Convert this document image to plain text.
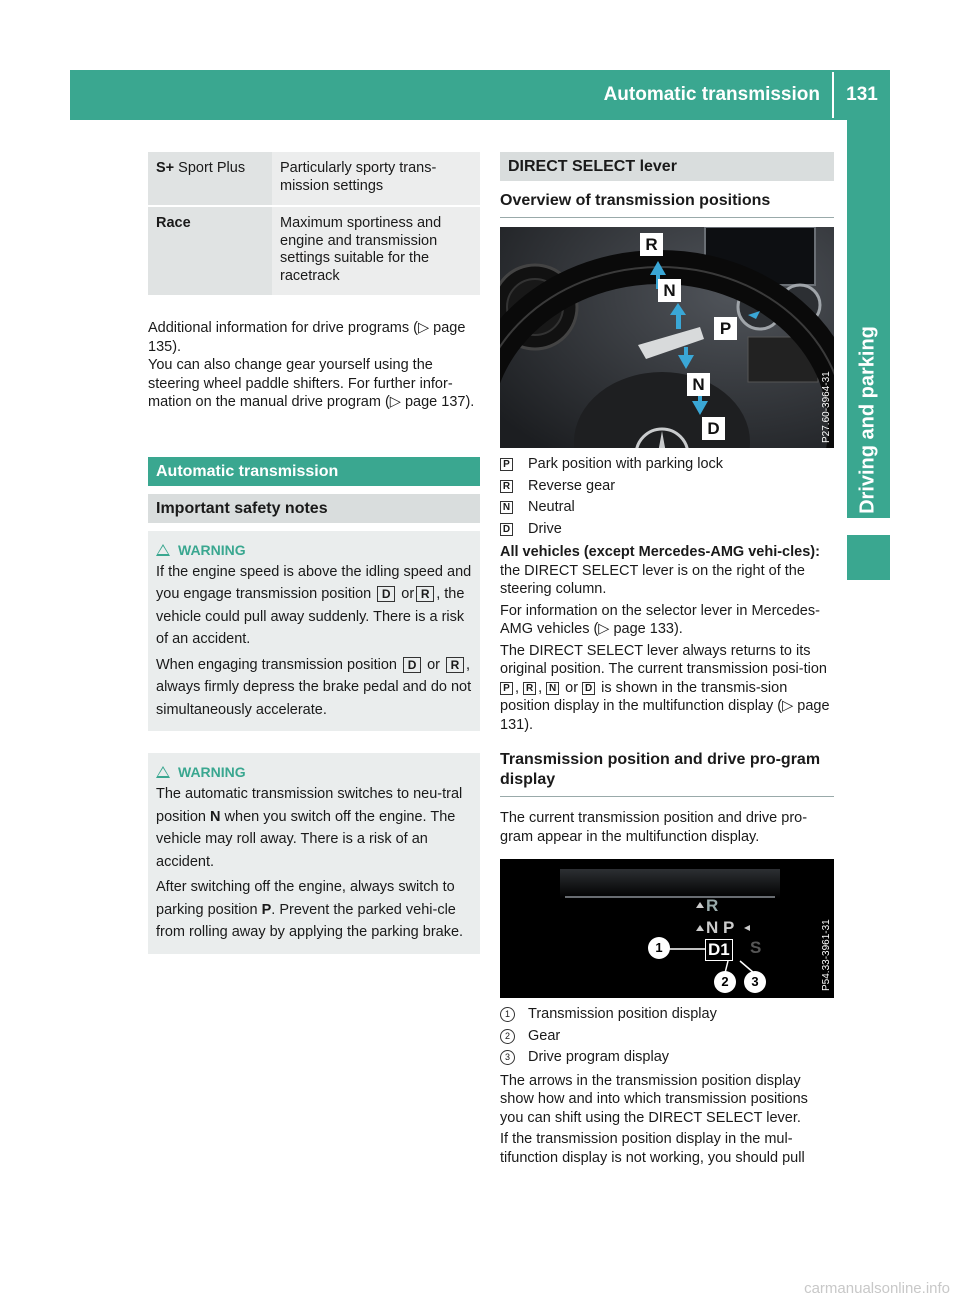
Automatic transmission	131
Driving and parking
S+ Sport Plus	Particularly sporty trans-mission settings
Race	Maximum sportiness and engine and transmission settings suitable for the racetrack

Additional information for drive programs (▷ page 135).

You can also change gear yourself using the steering wheel paddle shifters. For further infor-mation on the manual drive program (▷ page 137).

Automatic transmission
Important safety notes
WARNING

If the engine speed is above the idling speed and you engage transmission position D or R , the vehicle could pull away suddenly. There is a risk of an accident.

When engaging transmission position D or R , always firmly depress the brake pedal and do not simultaneously accelerate.

WARNING

The automatic transmission switches to neu-tral position N when you switch off the engine. The vehicle may roll away. There is a risk of an accident.

After switching off the engine, always switch to parking position P. Prevent the parked vehi-cle from rolling away by applying the parking brake.

DIRECT SELECT lever
Overview of transmission positions
R
N
P
N
D	P27.60-3964-31
P	Park position with parking lock
R	Reverse gear
N	Neutral
D	Drive

All vehicles (except Mercedes-AMG vehi-cles): the DIRECT SELECT lever is on the right of the steering column.

For information on the selector lever in Mercedes-AMG vehicles (▷ page 133).

The DIRECT SELECT lever always returns to its original position. The current transmission posi-tion P , R , N or D is shown in the transmis-sion position display in the multifunction display (▷ page 131).

Transmission position and drive pro-gram display

The current transmission position and drive pro-gram appear in the multifunction display.

R
N P
D1 S
1
2	3	P54.33-3961-31
1	Transmission position display
2	Gear
3	Drive program display

The arrows in the transmission position display show how and into which transmission positions you can shift using the DIRECT SELECT lever.

If the transmission position display in the mul-tifunction display is not working, you should pull

carmanualsonline.info
